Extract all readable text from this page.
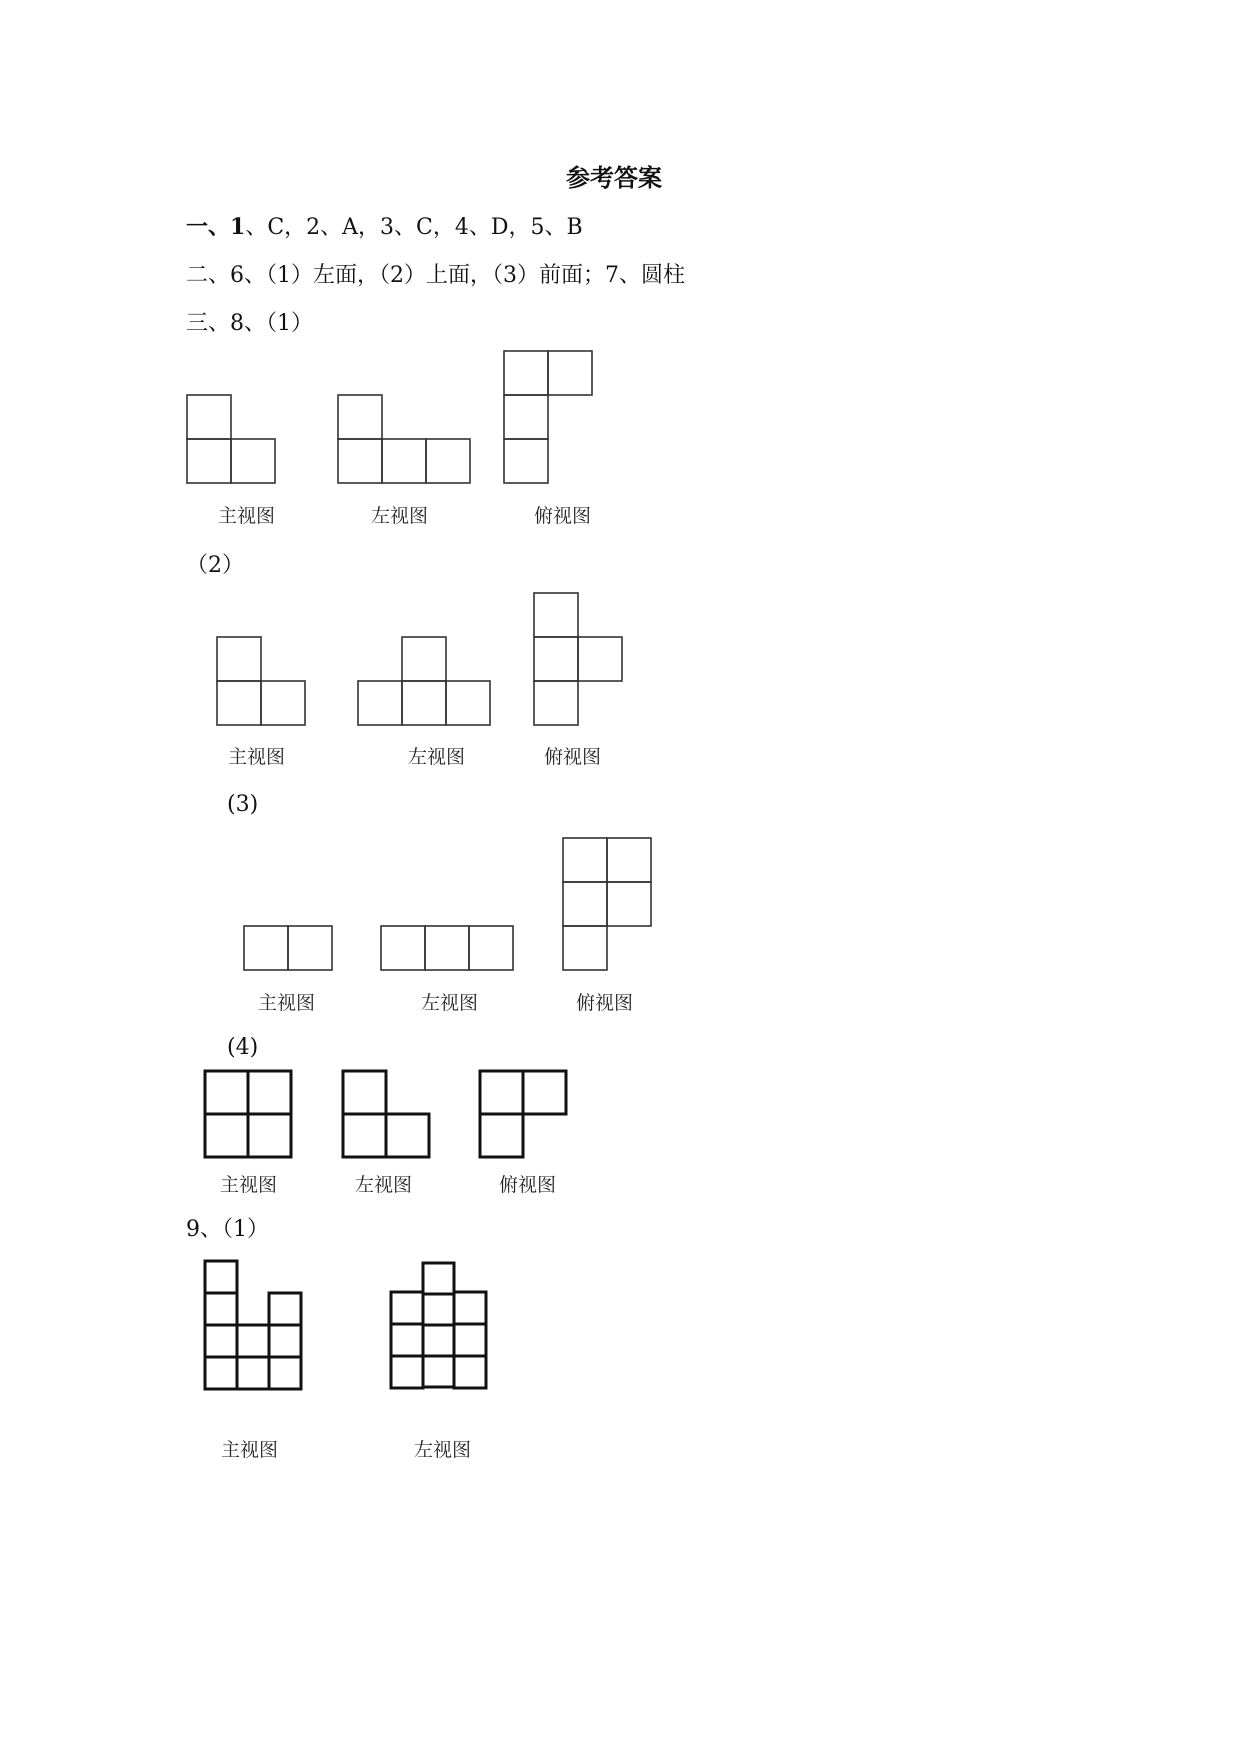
参考答案
一、1、C，2、A，3、C，4、D，5、B
二、6、（1）左面，（2）上面，（3）前面；7、圆柱
三、8、（1）
主视图	左视图	俯视图
（2）
主视图	左视图	俯视图
(3)
主视图	左视图	俯视图
(4)
主视图	左视图	俯视图
9、（1）
主视图	左视图
